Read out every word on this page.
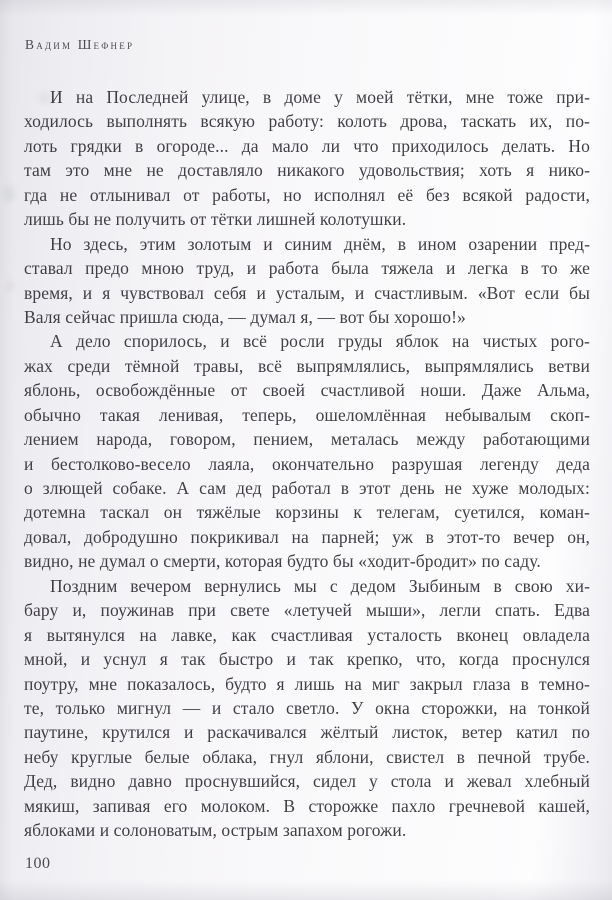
Вадим Шефнер
И на Последней улице, в доме у моей тётки, мне тоже при-
ходилось выполнять всякую работу: колоть дрова, таскать их, по-
лоть грядки в огороде... да мало ли что приходилось делать. Но
там это мне не доставляло никакого удовольствия; хоть я нико-
гда не отлынивал от работы, но исполнял её без всякой радости,
лишь бы не получить от тётки лишней колотушки.
Но здесь, этим золотым и синим днём, в ином озарении пред-
ставал предо мною труд, и работа была тяжела и легка в то же
время, и я чувствовал себя и усталым, и счастливым. «Вот если бы
Валя сейчас пришла сюда, — думал я, — вот бы хорошо!»
А дело спорилось, и всё росли груды яблок на чистых рого-
жах среди тёмной травы, всё выпрямлялись, выпрямлялись ветви
яблонь, освобождённые от своей счастливой ноши. Даже Альма,
обычно такая ленивая, теперь, ошеломлённая небывалым скоп-
лением народа, говором, пением, металась между работающими
и бестолково-весело лаяла, окончательно разрушая легенду деда
о злющей собаке. А сам дед работал в этот день не хуже молодых:
дотемна таскал он тяжёлые корзины к телегам, суетился, коман-
довал, добродушно покрикивал на парней; уж в этот-то вечер он,
видно, не думал о смерти, которая будто бы «ходит-бродит» по саду.
Поздним вечером вернулись мы с дедом Зыбиным в свою хи-
бару и, поужинав при свете «летучей мыши», легли спать. Едва
я вытянулся на лавке, как счастливая усталость вконец овладела
мной, и уснул я так быстро и так крепко, что, когда проснулся
поутру, мне показалось, будто я лишь на миг закрыл глаза в темно-
те, только мигнул — и стало светло. У окна сторожки, на тонкой
паутине, крутился и раскачивался жёлтый листок, ветер катил по
небу круглые белые облака, гнул яблони, свистел в печной трубе.
Дед, видно давно проснувшийся, сидел у стола и жевал хлебный
мякиш, запивая его молоком. В сторожке пахло гречневой кашей,
яблоками и солоноватым, острым запахом рогожи.
100
